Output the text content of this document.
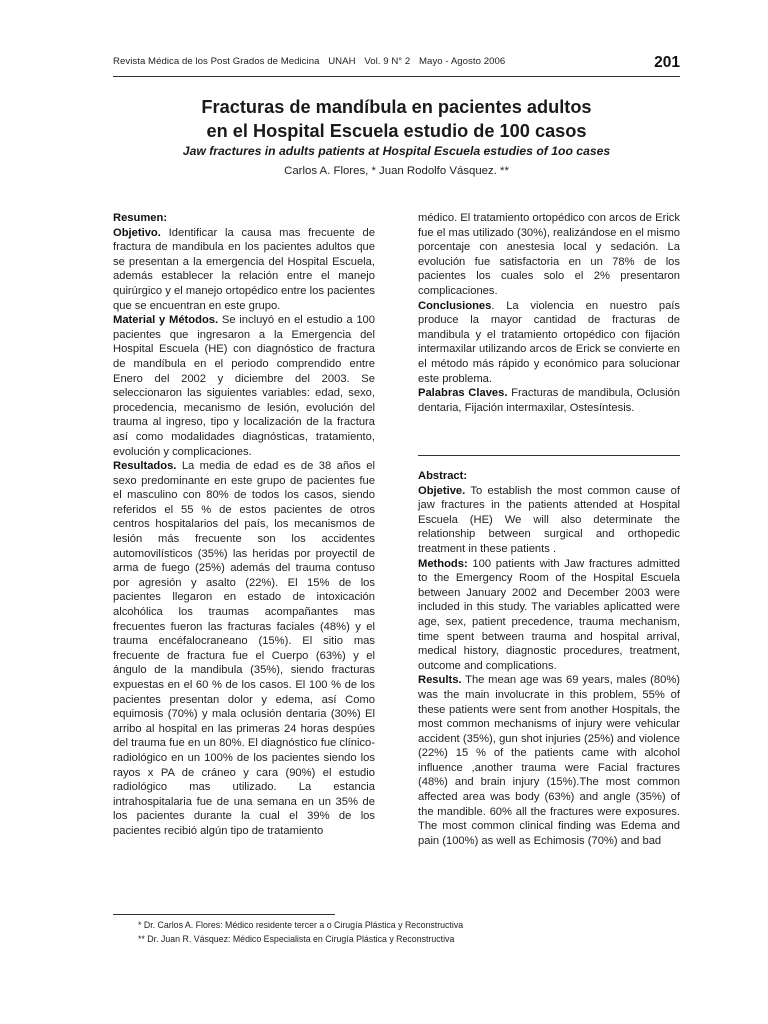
Revista Médica de los Post Grados de Medicina UNAH Vol. 9 N° 2 Mayo - Agosto 2006	201
Fracturas de mandíbula en pacientes adultos
en el Hospital Escuela estudio de 100 casos
Jaw fractures in adults patients at Hospital Escuela estudies of 1oo cases
Carlos A. Flores, * Juan Rodolfo Vásquez. **

Resumen:

Objetivo. Identificar la causa mas frecuente de fractura de mandibula en los pacientes adultos que se presentan a la emergencia del Hospital Escuela, además establecer la relación entre el manejo quirúrgico y el manejo ortopédico entre los pacientes que se encuentran en este grupo.

Material y Métodos. Se incluyó en el estudio a 100 pacientes que ingresaron a la Emergencia del Hospital Escuela (HE) con diagnóstico de fractura de mandíbula en el periodo comprendido entre Enero del 2002 y diciembre del 2003. Se seleccionaron las siguientes variables: edad, sexo, procedencia, mecanismo de lesión, evolución del trauma al ingreso, tipo y localización de la fractura así como modalidades diagnósticas, tratamiento, evolución y complicaciones.

Resultados. La media de edad es de 38 años el sexo predominante en este grupo de pacientes fue el masculino con 80% de todos los casos, siendo referidos el 55 % de estos pacientes de otros centros hospitalarios del país, los mecanismos de lesión más frecuente son los accidentes automovilísticos (35%) las heridas por proyectil de arma de fuego (25%) además del trauma contuso por agresión y asalto (22%). El 15% de los pacientes llegaron en estado de intoxicación alcohólica los traumas acompañantes mas frecuentes fueron las fracturas faciales (48%) y el trauma encéfalocraneano (15%). El sitio mas frecuente de fractura fue el Cuerpo (63%) y el ángulo de la mandibula (35%), siendo fracturas expuestas en el 60 % de los casos. El 100 % de los pacientes presentan dolor y edema, así Como equimosis (70%) y mala oclusión dentaria (30%) El arribo al hospital en las primeras 24 horas despúes del trauma fue en un 80%. El diagnóstico fue clínico-radiológico en un 100% de los pacientes siendo los rayos x PA de cráneo y cara (90%) el estudio radiológico mas utilizado. La estancia intrahospitalaria fue de una semana en un 35% de los pacientes durante la cual el 39% de los pacientes recibió algún tipo de tratamiento

médico. El tratamiento ortopédico con arcos de Erick fue el mas utilizado (30%), realizándose en el mismo porcentaje con anestesia local y sedación. La evolución fue satisfactoria en un 78% de los pacientes los cuales solo el 2% presentaron complicaciones.

Conclusiones. La violencia en nuestro país produce la mayor cantidad de fracturas de mandibula y el tratamiento ortopédico con fijación intermaxilar utilizando arcos de Erick se convierte en el método más rápido y económico para solucionar este problema.

Palabras Claves. Fracturas de mandibula, Oclusión dentaria, Fijación intermaxilar, Ostesíntesis.

Abstract:

Objetive. To establish the most common cause of jaw fractures in the patients attended at Hospital Escuela (HE) We will also determinate the relationship between surgical and orthopedic treatment in these patients .

Methods: 100 patients with Jaw fractures admitted to the Emergency Room of the Hospital Escuela between January 2002 and December 2003 were included in this study. The variables aplicatted were age, sex, patient precedence, trauma mechanism, time spent between trauma and hospital arrival, medical history, diagnostic procedures, treatment, outcome and complications.

Results. The mean age was 69 years, males (80%) was the main involucrate in this problem, 55% of these patients were sent from another Hospitals, the most common mechanisms of injury were vehicular accident (35%), gun shot injuries (25%) and violence (22%) 15 % of the patients came with alcohol influence ,another trauma were Facial fractures (48%) and brain injury (15%).The most common affected area was body (63%) and angle (35%) of the mandible. 60% all the fractures were exposures. The most common clinical finding was Edema and pain (100%) as well as Echimosis (70%) and bad

* Dr. Carlos A. Flores: Médico residente tercer a o Cirugía Plástica y Reconstructiva
** Dr. Juan R. Vásquez: Médico Especialista en Cirugía Plástica y Reconstructiva
